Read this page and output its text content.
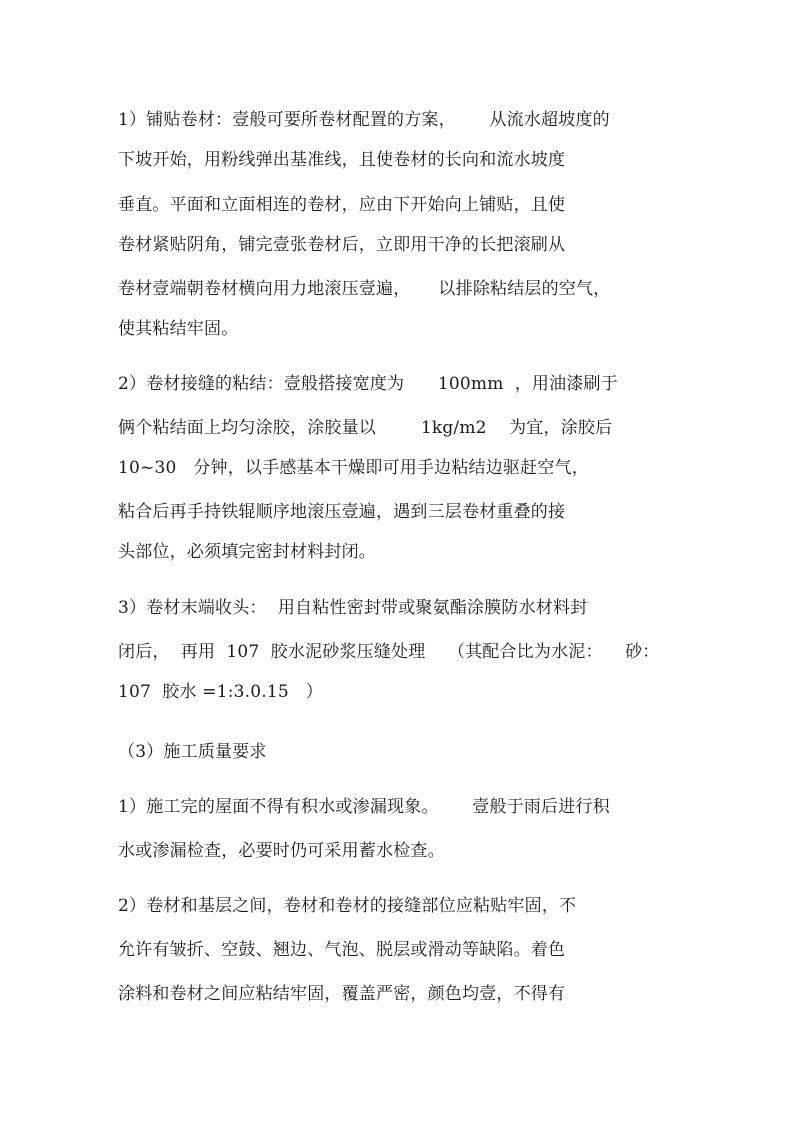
1）铺贴卷材：壹般可要所卷材配置的方案，      从流水超坡度的
下坡开始，用粉线弹出基准线，且使卷材的长向和流水坡度
垂直。平面和立面相连的卷材，应由下开始向上铺贴，且使
卷材紧贴阴角，铺完壹张卷材后，立即用干净的长把滚刷从
卷材壹端朝卷材横向用力地滚压壹遍，     以排除粘结层的空气，
使其粘结牢固。
2）卷材接缝的粘结：壹般搭接宽度为      100mm  ，用油漆刷于
俩个粘结面上均匀涂胶，涂胶量以        1kg/m2    为宜，涂胶后
10~30   分钟，以手感基本干燥即可用手边粘结边驱赶空气，
粘合后再手持铁辊顺序地滚压壹遍，遇到三层卷材重叠的接
头部位，必须填完密封材料封闭。
3）卷材末端收头：  用自粘性密封带或聚氨酯涂膜防水材料封
闭后，  再用  107  胶水泥砂浆压缝处理    （其配合比为水泥：    砂：
107  胶水 =1:3.0.15   ）
（3）施工质量要求
1）施工完的屋面不得有积水或渗漏现象。      壹般于雨后进行积
水或渗漏检查，必要时仍可采用蓄水检查。
2）卷材和基层之间，卷材和卷材的接缝部位应粘贴牢固，不
允许有皱折、空鼓、翘边、气泡、脱层或滑动等缺陷。着色
涂料和卷材之间应粘结牢固，覆盖严密，颜色均壹，不得有
